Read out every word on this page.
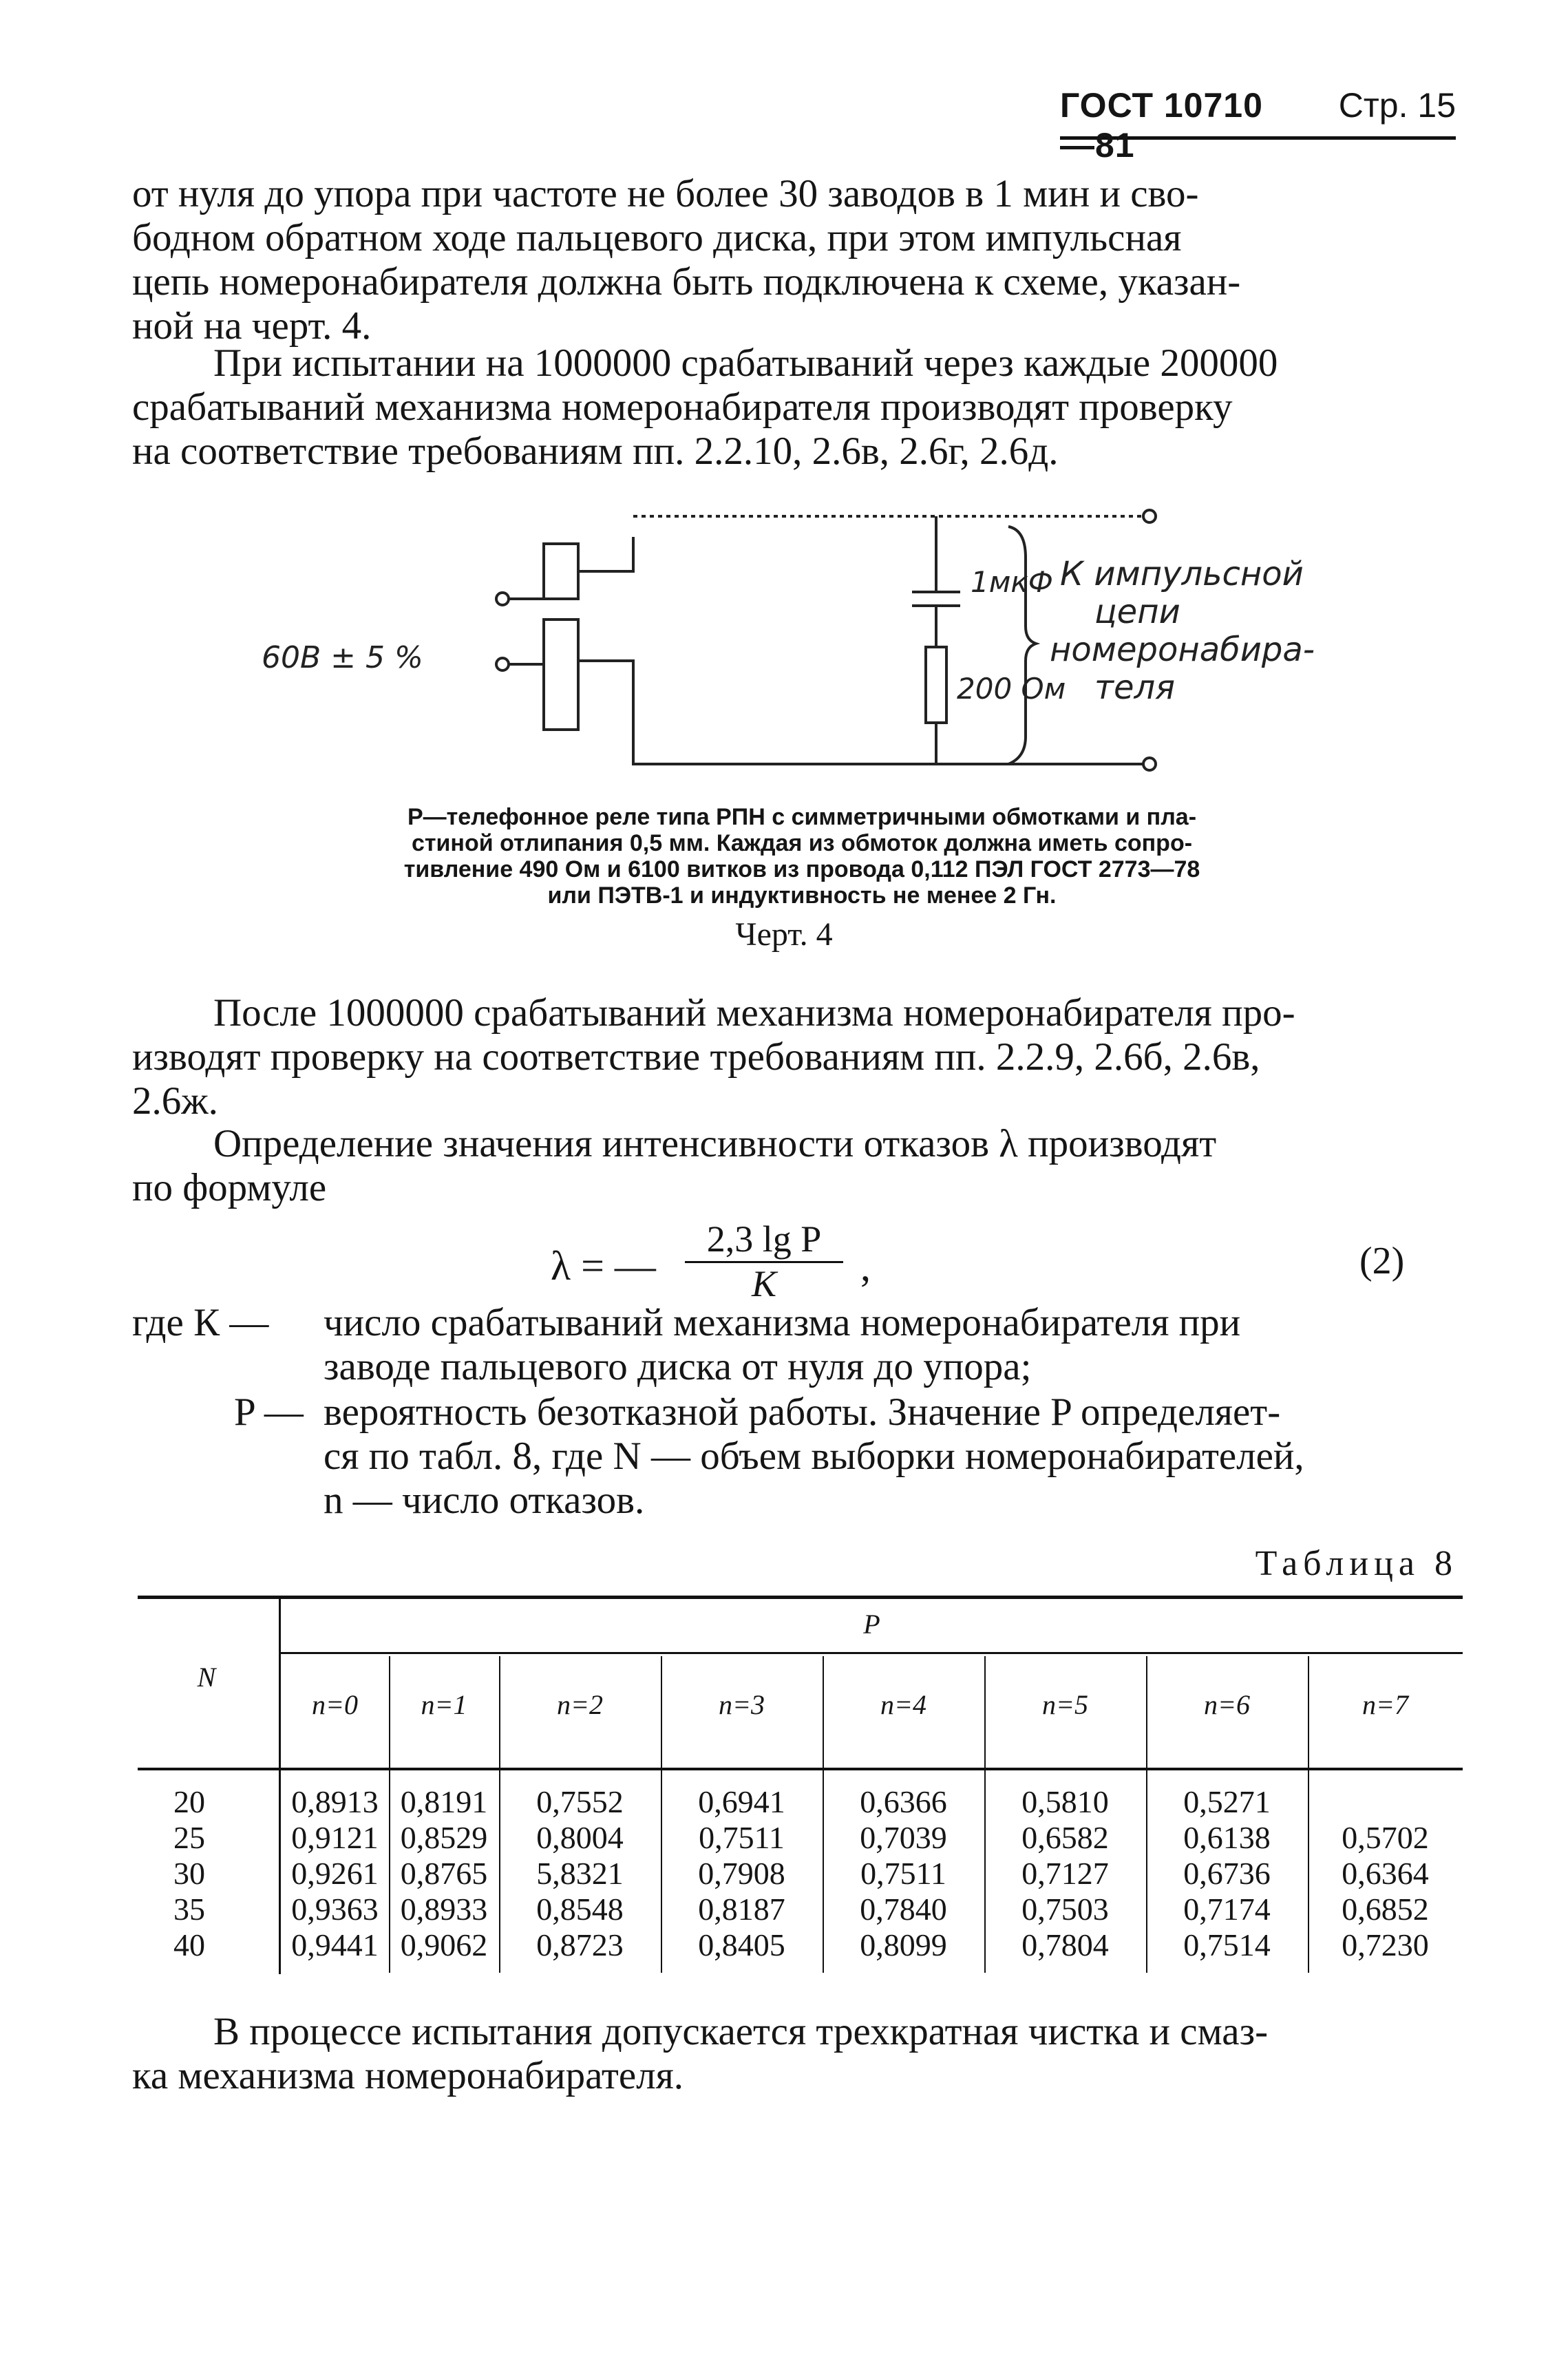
ГОСТ 10710—81
Стр. 15
от нуля до упора при частоте не более 30 заводов в 1 мин и сво-
бодном обратном ходе пальцевого диска, при этом импульсная
цепь номеронабирателя должна быть подключена к схеме, указан-
ной на черт. 4.
При испытании на 1000000 срабатываний через каждые 200000
срабатываний механизма номеронабирателя производят проверку
на соответствие требованиям пп. 2.2.10, 2.6в, 2.6г, 2.6д.
60В ± 5 %
1мкФ
200 Ом
К импульсной
цепи
номеронабира-
теля
Р—телефонное реле типа РПН с симметричными обмотками и пла-
стиной отлипания 0,5 мм. Каждая из обмоток должна иметь сопро-
тивление 490 Ом и 6100 витков из провода 0,112 ПЭЛ ГОСТ 2773—78
или ПЭТВ-1 и индуктивность не менее 2 Гн.
Черт. 4
После 1000000 срабатываний механизма номеронабирателя про-
изводят проверку на соответствие требованиям пп. 2.2.9, 2.6б, 2.6в,
2.6ж.
Определение значения интенсивности отказов λ производят
по формуле
λ = —
2,3 lg P
K	,	(2)
где К — число срабатываний механизма номеронабирателя при
заводе пальцевого диска от нуля до упора;
P — вероятность безотказной работы. Значение P определяет-
ся по табл. 8, где N — объем выборки номеронабирателей,
n — число отказов.
Таблица 8
N
P
n=0	n=1	n=2	n=3	n=4	n=5	n=6	n=7
20	0,8913 0,8191	0,7552	0,6941	0,6366	0,5810	0,5271
25	0,9121 0,8529	0,8004	0,7511	0,7039	0,6582	0,6138	0,5702
30	0,9261 0,8765	5,8321	0,7908	0,7511	0,7127	0,6736	0,6364
35	0,9363 0,8933	0,8548	0,8187	0,7840	0,7503	0,7174	0,6852
40	0,9441 0,9062	0,8723	0,8405	0,8099	0,7804	0,7514	0,7230
В процессе испытания допускается трехкратная чистка и смаз-
ка механизма номеронабирателя.
